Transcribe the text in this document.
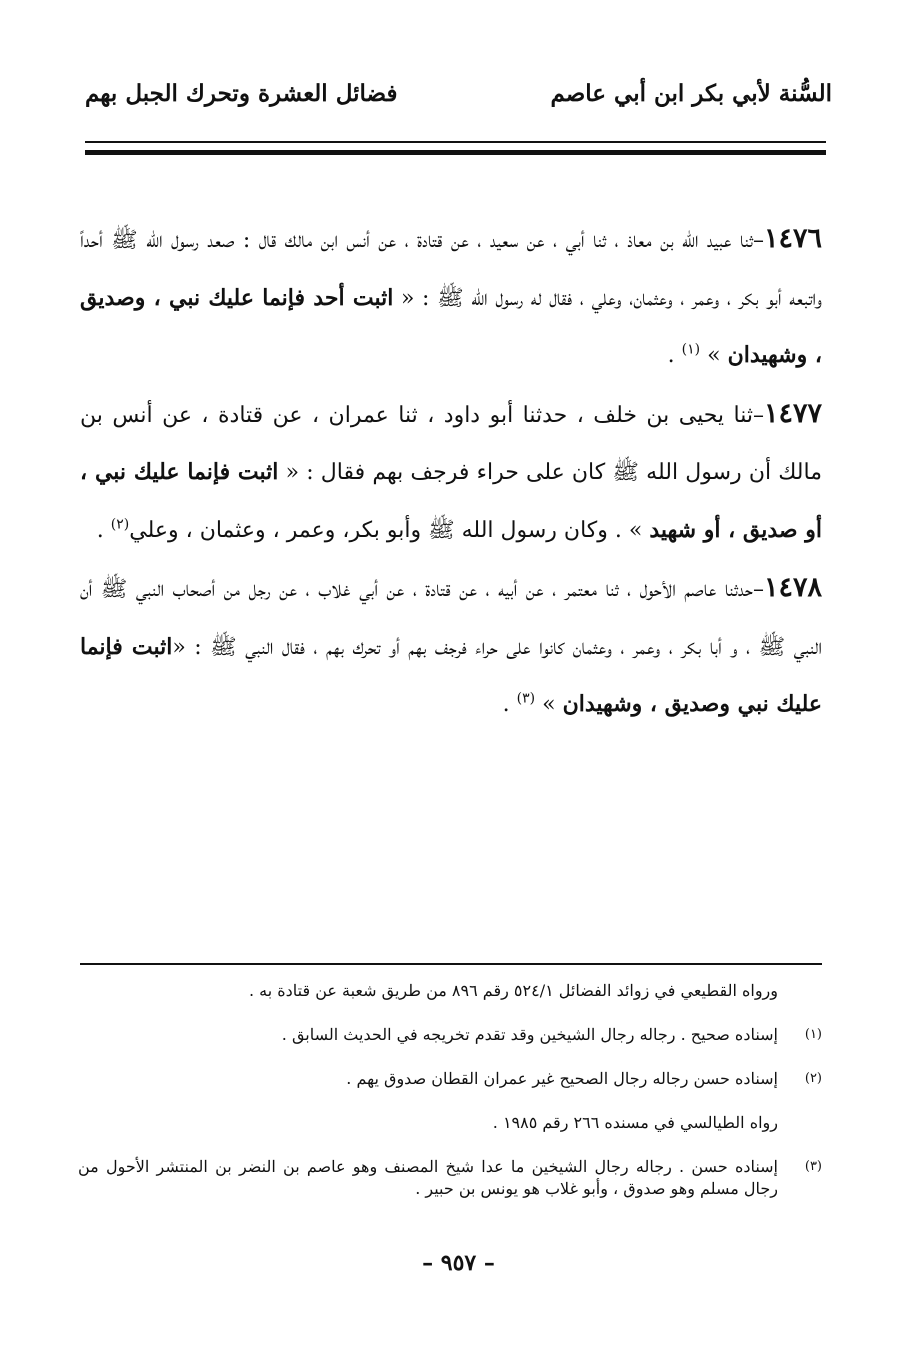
السُّنة لأبي بكر ابن أبي عاصم
فضائل العشرة وتحرك الجبل بهم

١٤٧٦–ثنا عبيد الله بن معاذ ، ثنا أبي ، عن سعيد ، عن قتادة ، عن أنس ابن مالك قال : صعد رسول الله ﷺ أحداً واتبعه أبو بكر ، وعمر ، وعثمان، وعلي ، فقال له رسول الله ﷺ : « اثبت أحد فإنما عليك نبي ، وصديق ، وشهيدان » $^{(١)}$ .

١٤٧٧–ثنا يحيى بن خلف ، حدثنا أبو داود ، ثنا عمران ، عن قتادة ، عن أنس بن مالك أن رسول الله ﷺ كان على حراء فرجف بهم فقال : « اثبت فإنما عليك نبي ، أو صديق ، أو شهيد » . وكان رسول الله ﷺ وأبو بكر، وعمر ، وعثمان ، وعلي$^{(٢)}$ .

١٤٧٨–حدثنا عاصم الأحول ، ثنا معتمر ، عن أبيه ، عن قتادة ، عن أبي غلاب ، عن رجل من أصحاب النبي ﷺ أن النبي ﷺ ، و أبا بكر ، وعمر ، وعثمان كانوا على حراء فرجف بهم أو تحرك بهم ، فقال النبي ﷺ : «اثبت فإنما عليك نبي وصديق ، وشهيدان » $^{(٣)}$ .

ورواه القطيعي في زوائد الفضائل ٥٢٤/١ رقم ٨٩٦ من طريق شعبة عن قتادة به .

(١)

إسناده صحيح . رجاله رجال الشيخين وقد تقدم تخريجه في الحديث السابق .

(٢)

إسناده حسن رجاله رجال الصحيح غير عمران القطان صدوق يهم .

رواه الطيالسي في مسنده ٢٦٦ رقم ١٩٨٥ .

(٣)

إسناده حسن . رجاله رجال الشيخين ما عدا شيخ المصنف وهو عاصم بن النضر بن المنتشر الأحول من رجال مسلم وهو صدوق ، وأبو غلاب هو يونس بن حبير .

– ٩٥٧ –
